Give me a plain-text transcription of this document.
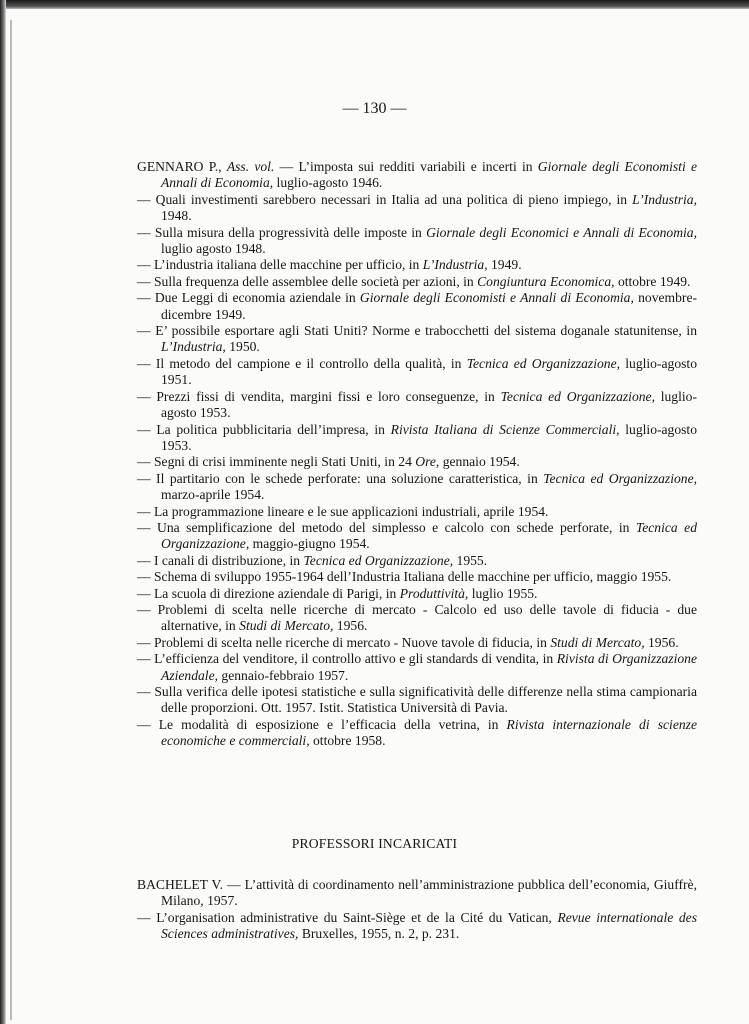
— 130 —
GENNARO P., Ass. vol. — L’imposta sui redditi variabili e incerti in Giornale degli Economisti e Annali di Economia, luglio-agosto 1946.
— Quali investimenti sarebbero necessari in Italia ad una politica di pieno impiego, in L’Industria, 1948.
— Sulla misura della progressività delle imposte in Giornale degli Economici e Annali di Economia, luglio agosto 1948.
— L’industria italiana delle macchine per ufficio, in L’Industria, 1949.
— Sulla frequenza delle assemblee delle società per azioni, in Congiuntura Economica, ottobre 1949.
— Due Leggi di economia aziendale in Giornale degli Economisti e Annali di Economia, novembre-dicembre 1949.
— E’ possibile esportare agli Stati Uniti? Norme e trabocchetti del sistema doganale statunitense, in L’Industria, 1950.
— Il metodo del campione e il controllo della qualità, in Tecnica ed Organizzazione, luglio-agosto 1951.
— Prezzi fissi di vendita, margini fissi e loro conseguenze, in Tecnica ed Organizzazione, luglio-agosto 1953.
— La politica pubblicitaria dell’impresa, in Rivista Italiana di Scienze Commerciali, luglio-agosto 1953.
— Segni di crisi imminente negli Stati Uniti, in 24 Ore, gennaio 1954.
— Il partitario con le schede perforate: una soluzione caratteristica, in Tecnica ed Organizzazione, marzo-aprile 1954.
— La programmazione lineare e le sue applicazioni industriali, aprile 1954.
— Una semplificazione del metodo del simplesso e calcolo con schede perforate, in Tecnica ed Organizzazione, maggio-giugno 1954.
— I canali di distribuzione, in Tecnica ed Organizzazione, 1955.
— Schema di sviluppo 1955-1964 dell’Industria Italiana delle macchine per ufficio, maggio 1955.
— La scuola di direzione aziendale di Parigi, in Produttività, luglio 1955.
— Problemi di scelta nelle ricerche di mercato - Calcolo ed uso delle tavole di fiducia - due alternative, in Studi di Mercato, 1956.
— Problemi di scelta nelle ricerche di mercato - Nuove tavole di fiducia, in Studi di Mercato, 1956.
— L’efficienza del venditore, il controllo attivo e gli standards di vendita, in Rivista di Organizzazione Aziendale, gennaio-febbraio 1957.
— Sulla verifica delle ipotesi statistiche e sulla significatività delle differenze nella stima campionaria delle proporzioni. Ott. 1957. Istit. Statistica Università di Pavia.
— Le modalità di esposizione e l’efficacia della vetrina, in Rivista internazionale di scienze economiche e commerciali, ottobre 1958.
PROFESSORI INCARICATI
BACHELET V. — L’attività di coordinamento nell’amministrazione pubblica dell’economia, Giuffrè, Milano, 1957.
— L’organisation administrative du Saint-Siège et de la Cité du Vatican, Revue internationale des Sciences administratives, Bruxelles, 1955, n. 2, p. 231.
